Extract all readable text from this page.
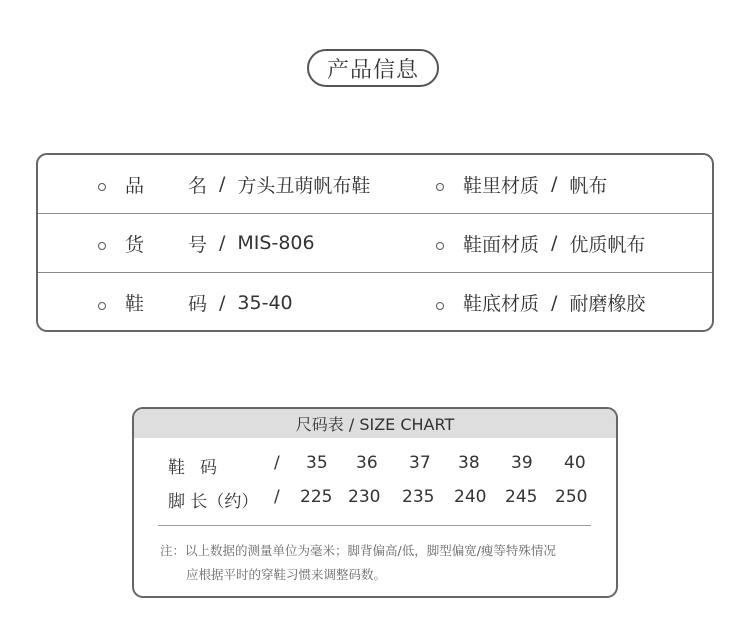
产品信息
品 名 / 方头丑萌帆布鞋	鞋里材质 / 帆布
货 号 / MIS-806	鞋面材质 / 优质帆布
鞋 码 / 35-40	鞋底材质 / 耐磨橡胶
尺码表 / SIZE CHART
鞋 码	/ 35 36 37 38 39 40
脚 长（约） / 225 230 235 240 245 250
注：以上数据的测量单位为毫米；脚背偏高/低，脚型偏宽/瘦等特殊情况
应根据平时的穿鞋习惯来调整码数。
